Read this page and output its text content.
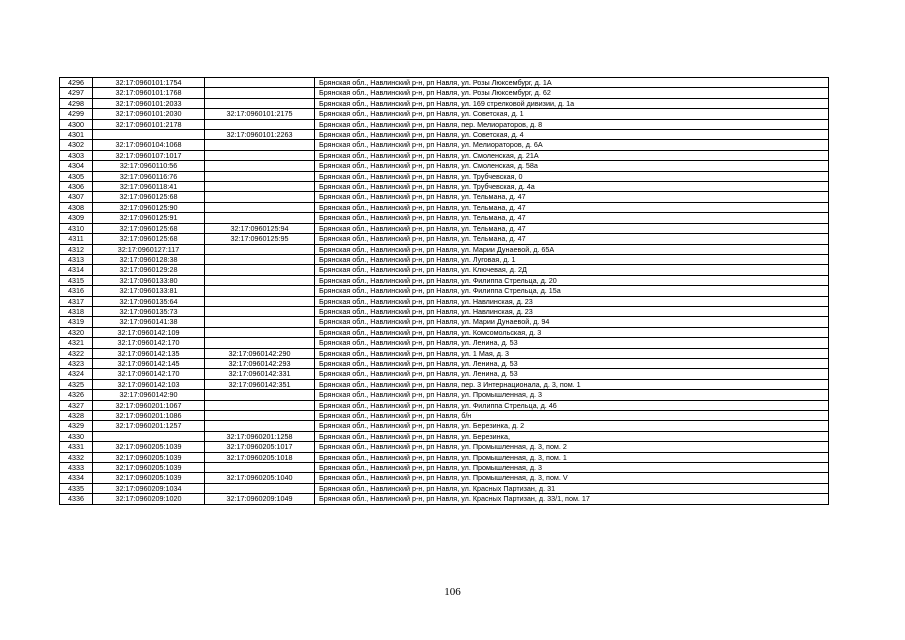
4296	32:17:0960101:1754		Брянская обл., Навлинский р-н, рп Навля, ул. Розы Люксембург, д. 1А
4297	32:17:0960101:1768		Брянская обл., Навлинский р-н, рп Навля, ул. Розы Люксембург, д. 62
4298	32:17:0960101:2033		Брянская обл., Навлинский р-н, рп Навля, ул. 169 стрелковой дивизии, д. 1а
4299	32:17:0960101:2030	32:17:0960101:2175	Брянская обл., Навлинский р-н, рп Навля, ул. Советская, д. 1
4300	32:17:0960101:2178		Брянская обл., Навлинский р-н, рп Навля, пер. Мелиораторов, д. 8
4301		32:17:0960101:2263	Брянская обл., Навлинский р-н, рп Навля, ул. Советская, д. 4
4302	32:17:0960104:1068		Брянская обл., Навлинский р-н, рп Навля, ул. Мелиораторов, д. 6А
4303	32:17:0960107:1017		Брянская обл., Навлинский р-н, рп Навля, ул. Смоленская, д. 21А
4304	32:17:0960110:56		Брянская обл., Навлинский р-н, рп Навля, ул. Смоленская, д. 58а
4305	32:17:0960116:76		Брянская обл., Навлинский р-н, рп Навля, ул. Трубчевская, 0
4306	32:17:0960118:41		Брянская обл., Навлинский р-н, рп Навля, ул. Трубчевская, д. 4а
4307	32:17:0960125:68		Брянская обл., Навлинский р-н, рп Навля, ул. Тельмана, д. 47
4308	32:17:0960125:90		Брянская обл., Навлинский р-н, рп Навля, ул. Тельмана, д. 47
4309	32:17:0960125:91		Брянская обл., Навлинский р-н, рп Навля, ул. Тельмана, д. 47
4310	32:17:0960125:68	32:17:0960125:94	Брянская обл., Навлинский р-н, рп Навля, ул. Тельмана, д. 47
4311	32:17:0960125:68	32:17:0960125:95	Брянская обл., Навлинский р-н, рп Навля, ул. Тельмана, д. 47
4312	32:17:0960127:117		Брянская обл., Навлинский р-н, рп Навля, ул. Марии Дунаевой, д. 65А
4313	32:17:0960128:38		Брянская обл., Навлинский р-н, рп Навля, ул. Луговая, д. 1
4314	32:17:0960129:28		Брянская обл., Навлинский р-н, рп Навля, ул. Ключевая, д. 2Д
4315	32:17:0960133:80		Брянская обл., Навлинский р-н, рп Навля, ул. Филиппа Стрельца, д. 20
4316	32:17:0960133:81		Брянская обл., Навлинский р-н, рп Навля, ул. Филиппа Стрельца, д. 15а
4317	32:17:0960135:64		Брянская обл., Навлинский р-н, рп Навля, ул. Навлинская, д. 23
4318	32:17:0960135:73		Брянская обл., Навлинский р-н, рп Навля, ул. Навлинская, д. 23
4319	32:17:0960141:38		Брянская обл., Навлинский р-н, рп Навля, ул. Марии Дунаевой, д. 94
4320	32:17:0960142:109		Брянская обл., Навлинский р-н, рп Навля, ул. Комсомольская, д. 3
4321	32:17:0960142:170		Брянская обл., Навлинский р-н, рп Навля, ул. Ленина, д. 53
4322	32:17:0960142:135	32:17:0960142:290	Брянская обл., Навлинский р-н, рп Навля, ул. 1 Мая, д. 3
4323	32:17:0960142:145	32:17:0960142:293	Брянская обл., Навлинский р-н, рп Навля, ул. Ленина, д. 53
4324	32:17:0960142:170	32:17:0960142:331	Брянская обл., Навлинский р-н, рп Навля, ул. Ленина, д. 53
4325	32:17:0960142:103	32:17:0960142:351	Брянская обл., Навлинский р-н, рп Навля, пер. 3 Интернационала, д. 3, пом. 1
4326	32:17:0960142:90		Брянская обл., Навлинский р-н, рп Навля, ул. Промышленная, д. 3
4327	32:17:0960201:1067		Брянская обл., Навлинский р-н, рп Навля, ул. Филиппа Стрельца, д. 46
4328	32:17:0960201:1086		Брянская обл., Навлинский р-н, рп Навля, б/н
4329	32:17:0960201:1257		Брянская обл., Навлинский р-н, рп Навля, ул. Березинка, д. 2
4330		32:17:0960201:1258	Брянская обл., Навлинский р-н, рп Навля, ул. Березинка,
4331	32:17:0960205:1039	32:17:0960205:1017	Брянская обл., Навлинский р-н, рп Навля, ул. Промышленная, д. 3, пом. 2
4332	32:17:0960205:1039	32:17:0960205:1018	Брянская обл., Навлинский р-н, рп Навля, ул. Промышленная, д. 3, пом. 1
4333	32:17:0960205:1039		Брянская обл., Навлинский р-н, рп Навля, ул. Промышленная, д. 3
4334	32:17:0960205:1039	32:17:0960205:1040	Брянская обл., Навлинский р-н, рп Навля, ул. Промышленная, д. 3, пом. V
4335	32:17:0960209:1034		Брянская обл., Навлинский р-н, рп Навля, ул. Красных Партизан, д. 31
4336	32:17:0960209:1020	32:17:0960209:1049	Брянская обл., Навлинский р-н, рп Навля, ул. Красных Партизан, д. 33/1, пом. 17
106
